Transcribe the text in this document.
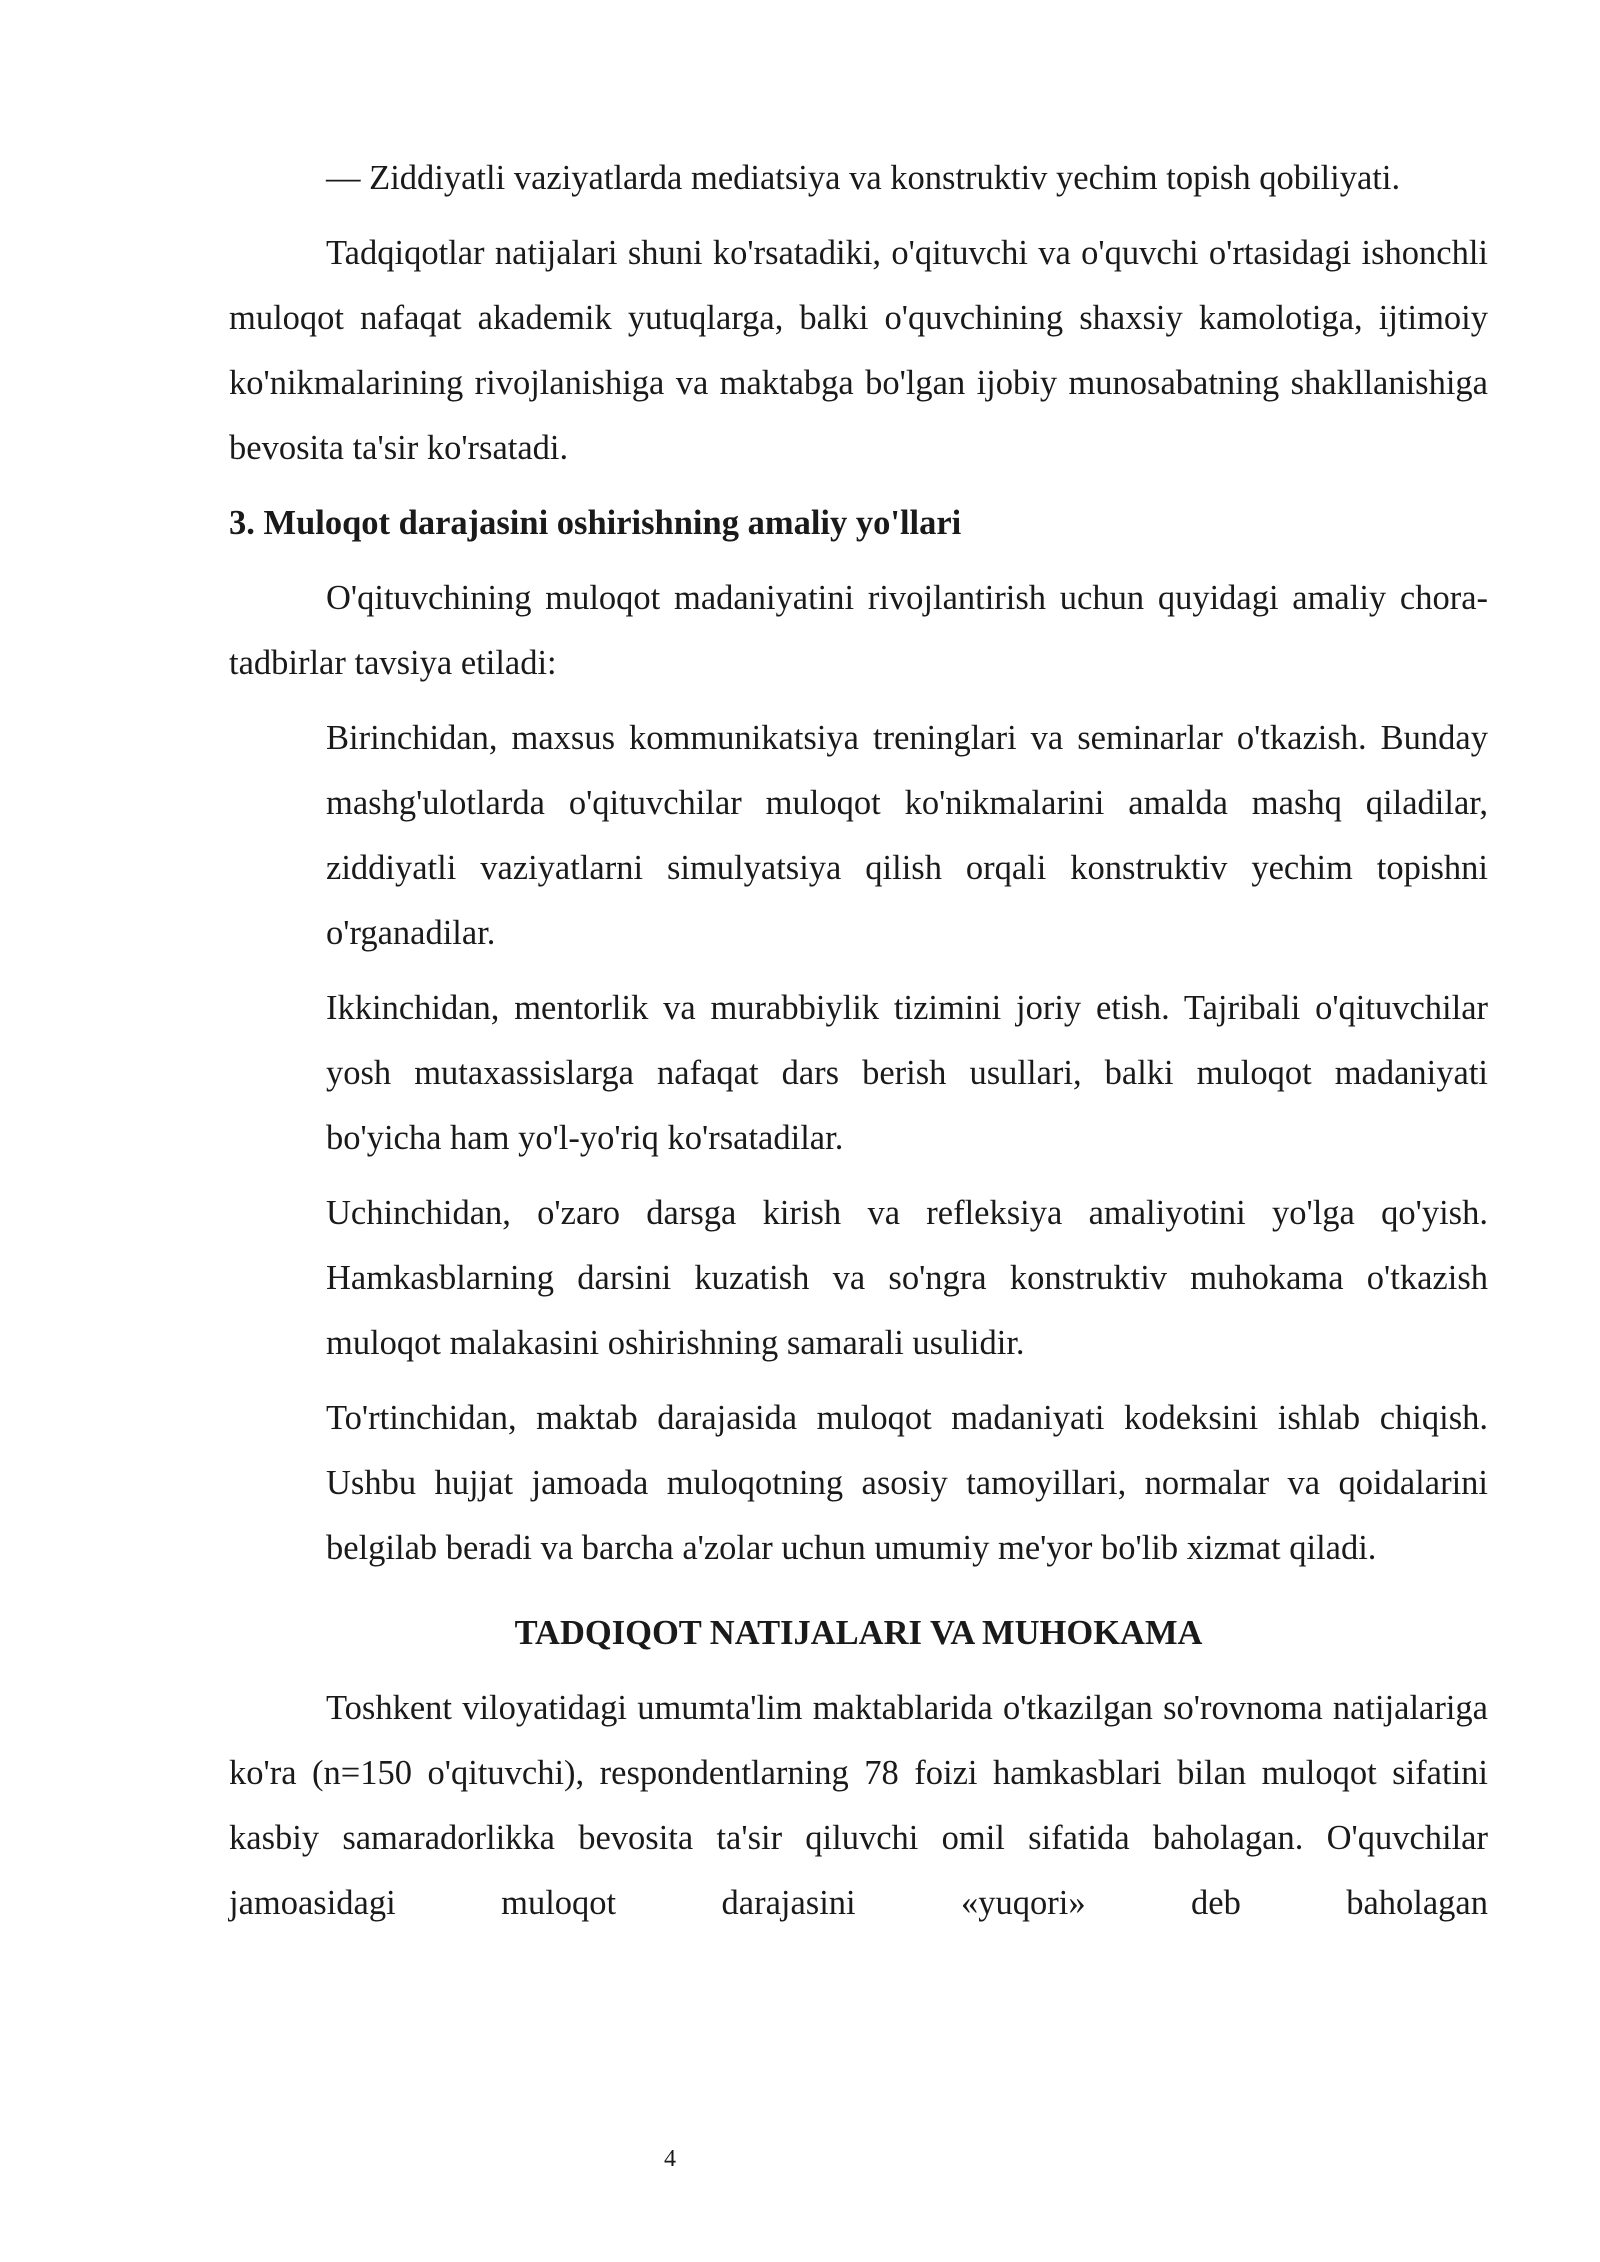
— Ziddiyatli vaziyatlarda mediatsiya va konstruktiv yechim topish qobiliyati.

Tadqiqotlar natijalari shuni ko'rsatadiki, o'qituvchi va o'quvchi o'rtasidagi ishonchli muloqot nafaqat akademik yutuqlarga, balki o'quvchining shaxsiy kamolotiga, ijtimoiy ko'nikmalarining rivojlanishiga va maktabga bo'lgan ijobiy munosabatning shakllanishiga bevosita ta'sir ko'rsatadi.

3. Muloqot darajasini oshirishning amaliy yo'llari

O'qituvchining muloqot madaniyatini rivojlantirish uchun quyidagi amaliy chora-tadbirlar tavsiya etiladi:

Birinchidan, maxsus kommunikatsiya treninglari va seminarlar o'tkazish. Bunday mashg'ulotlarda o'qituvchilar muloqot ko'nikmalarini amalda mashq qiladilar, ziddiyatli vaziyatlarni simulyatsiya qilish orqali konstruktiv yechim topishni o'rganadilar.

Ikkinchidan, mentorlik va murabbiylik tizimini joriy etish. Tajribali o'qituvchilar yosh mutaxassislarga nafaqat dars berish usullari, balki muloqot madaniyati bo'yicha ham yo'l-yo'riq ko'rsatadilar.

Uchinchidan, o'zaro darsga kirish va refleksiya amaliyotini yo'lga qo'yish. Hamkasblarning darsini kuzatish va so'ngra konstruktiv muhokama o'tkazish muloqot malakasini oshirishning samarali usulidir.

To'rtinchidan, maktab darajasida muloqot madaniyati kodeksini ishlab chiqish. Ushbu hujjat jamoada muloqotning asosiy tamoyillari, normalar va qoidalarini belgilab beradi va barcha a'zolar uchun umumiy me'yor bo'lib xizmat qiladi.

TADQIQOT NATIJALARI VA MUHOKAMA

Toshkent viloyatidagi umumta'lim maktablarida o'tkazilgan so'rovnoma natijalariga ko'ra (n=150 o'qituvchi), respondentlarning 78 foizi hamkasblari bilan muloqot sifatini kasbiy samaradorlikka bevosita ta'sir qiluvchi omil sifatida baholagan. O'quvchilar jamoasidagi muloqot darajasini «yuqori» deb baholagan

4
